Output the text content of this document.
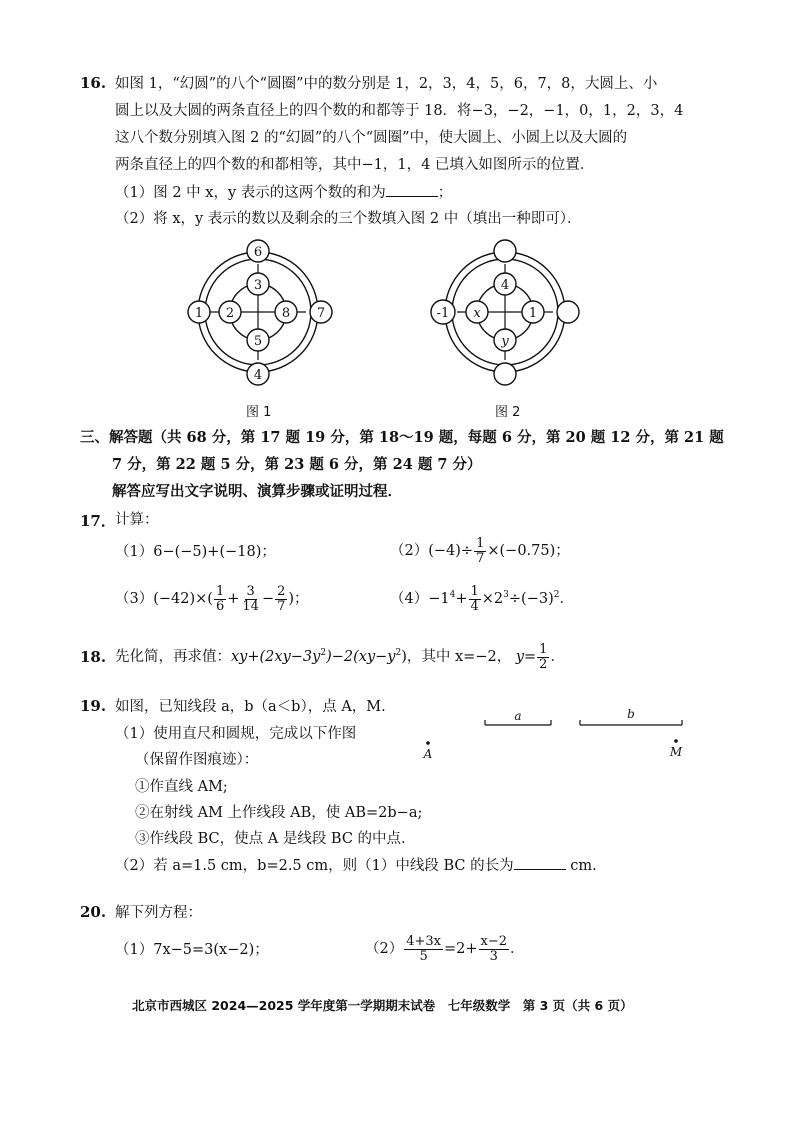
16. 如图 1，“幻圆”的八个“圆圈”中的数分别是 1，2，3，4，5，6，7，8，大圆上、小
圆上以及大圆的两条直径上的四个数的和都等于 18．将−3，−2，−1，0，1，2，3，4
这八个数分别填入图 2 的“幻圆”的八个“圆圈”中，使大圆上、小圆上以及大圆的
两条直径上的四个数的和都相等，其中−1，1，4 已填入如图所示的位置．
（1）图 2 中 x，y 表示的这两个数的和为	；
（2）将 x，y 表示的数以及剩余的三个数填入图 2 中（填出一种即可）．
6
3
1 2	8 7
5
4
图 1
4
-1 x	1
y
图 2
三、解答题（共 68 分，第 17 题 19 分，第 18～19 题，每题 6 分，第 20 题 12 分，第 21 题
7 分，第 22 题 5 分，第 23 题 6 分，第 24 题 7 分）
解答应写出文字说明、演算步骤或证明过程．
17． 计算：
（1）6−(−5)+(−18)；	$(2)(-4)\div \frac{1}{7} \times(-0.75)$；
$(3)(-42)\times( \frac{1}{6} + \frac{3}{14} - \frac{2}{7}$ )；	$(4)-1^4+ \frac{1}{4} \times 2^3\div(-3)^2$．
18. 先化简，再求值：$xy+(2xy-3y^2)-2(xy-y^2)$，其中 x=−2， $y= \frac{1}{2}$ ．
19. 如图，已知线段 a，b（a＜b），点 A，M.
（1）使用直尺和圆规，完成以下作图
（保留作图痕迹）：
①作直线 AM;
②在射线 AM 上作线段 AB，使 AB=2b−a;
③作线段 BC，使点 A 是线段 BC 的中点.
（2）若 a=1.5 cm，b=2.5 cm，则（1）中线段 BC 的长为	cm.
a	b
A	M
20. 解下列方程：
（1）7x−5=3(x−2)；	$(2) \frac{4+3x}{5} =2+ \frac{x-2}{3}$ ．
北京市西城区 2024—2025 学年度第一学期期末试卷　七年级数学　第 3 页（共 6 页）
